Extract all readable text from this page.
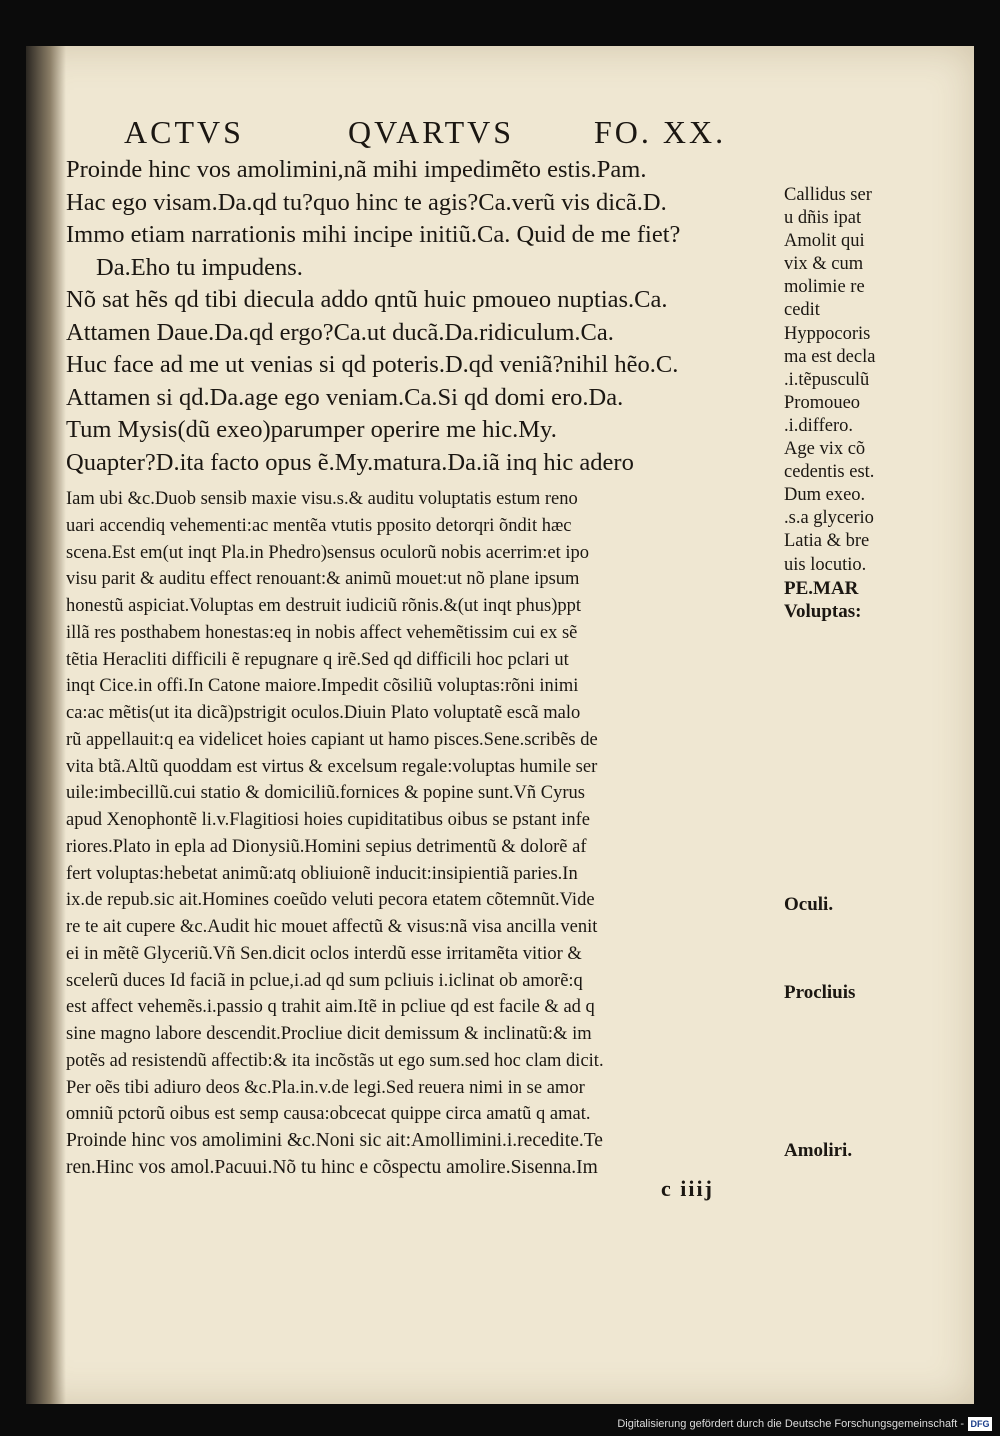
ACTVS	QVARTVS FO. XX.
Proinde hinc vos amolimini,nã mihi impedimẽto estis.Pam.
Hac ego visam.Da.qd tu?quo hinc te agis?Ca.verũ vis dicã.D.
Immo etiam narrationis mihi incipe initiũ.Ca. Quid de me fiet?
Da.Eho tu impudens.
Nõ sat hẽs qd tibi diecula addo qntũ huic pmoueo nuptias.Ca.
Attamen Daue.Da.qd ergo?Ca.ut ducã.Da.ridiculum.Ca.
Huc face ad me ut venias si qd poteris.D.qd veniã?nihil hẽo.C.
Attamen si qd.Da.age ego veniam.Ca.Si qd domi ero.Da.
Tum Mysis(dũ exeo)parumper operire me hic.My.
Quapter?D.ita facto opus ẽ.My.matura.Da.iã inq hic adero
Iam ubi &c.Duob sensib maxie visu.s.& auditu voluptatis estum reno
uari accendiq vehementi:ac mentẽa vtutis pposito detorqri õndit hæc
scena.Est em(ut inqt Pla.in Phedro)sensus oculorũ nobis acerrim:et ipo
visu parit & auditu effect renouant:& animũ mouet:ut nõ plane ipsum
honestũ aspiciat.Voluptas em destruit iudiciũ rõnis.&(ut inqt phus)ppt
illã res posthabem honestas:eq in nobis affect vehemẽtissim cui ex sẽ
tẽtia Heracliti difficili ẽ repugnare q irẽ.Sed qd difficili hoc pclari ut
inqt Cice.in offi.In Catone maiore.Impedit cõsiliũ voluptas:rõni inimi
ca:ac mẽtis(ut ita dicã)pstrigit oculos.Diuin Plato voluptatẽ escã malo
rũ appellauit:q ea videlicet hoies capiant ut hamo pisces.Sene.scribẽs de
vita btã.Altũ quoddam est virtus & excelsum regale:voluptas humile ser
uile:imbecillũ.cui statio & domiciliũ.fornices & popine sunt.Vñ Cyrus
apud Xenophontẽ li.v.Flagitiosi hoies cupiditatibus oibus se pstant infe
riores.Plato in epla ad Dionysiũ.Homini sepius detrimentũ & dolorẽ af
fert voluptas:hebetat animũ:atq obliuionẽ inducit:insipientiã paries.In
ix.de repub.sic ait.Homines coeũdo veluti pecora etatem cõtemnũt.Vide
re te ait cupere &c.Audit hic mouet affectũ & visus:nã visa ancilla venit
ei in mẽtẽ Glyceriũ.Vñ Sen.dicit oclos interdũ esse irritamẽta vitior &
scelerũ duces Id faciã in pclue,i.ad qd sum pcliuis i.iclinat ob amorẽ:q
est affect vehemẽs.i.passio q trahit aim.Itẽ in pcliue qd est facile & ad q
sine magno labore descendit.Procliue dicit demissum & inclinatũ:& im
potẽs ad resistendũ affectib:& ita incõstãs ut ego sum.sed hoc clam dicit.
Per oẽs tibi adiuro deos &c.Pla.in.v.de legi.Sed reuera nimi in se amor
omniũ pctorũ oibus est semp causa:obcecat quippe circa amatũ q amat.
Proinde hinc vos amolimini &c.Noni sic ait:Amollimini.i.recedite.Te
ren.Hinc vos amol.Pacuui.Nõ tu hinc e cõspectu amolire.Sisenna.Im
Callidus ser
u dñis ipat
Amolit qui
vix & cum
molimie re
cedit
Hyppocoris
ma est decla
.i.tẽpusculũ
Promoueo
.i.differo.
Age vix cõ
cedentis est.
Dum exeo.
.s.a glycerio
Latia & bre
uis locutio.
PE.MAR
Voluptas:
Oculi.
Procliuis
Amoliri.
c iiij
Digitalisierung gefördert durch die Deutsche Forschungsgemeinschaft - DFG
